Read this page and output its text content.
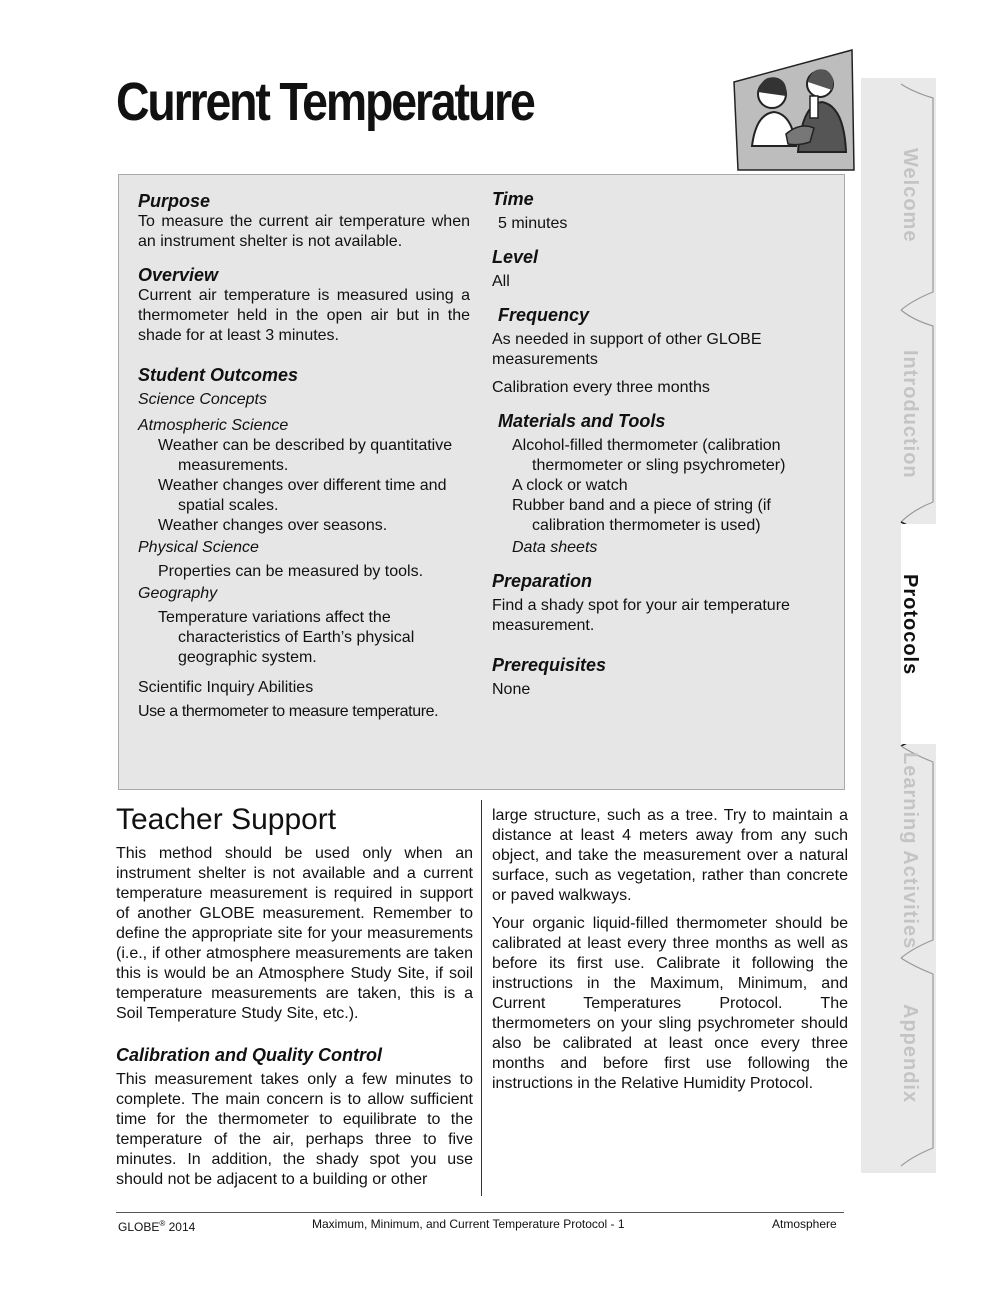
Current Temperature
Purpose
To measure the current air temperature when an instrument shelter is not available.
Overview
Current air temperature is measured using a thermometer held in the open air but in the shade for at least 3 minutes.
Student Outcomes
Science Concepts
Atmospheric Science
Weather can be described by quantitative measurements.
Weather changes over different time and spatial scales.
Weather changes over seasons.
Physical Science
Properties can be measured by tools.
Geography
Temperature variations affect the characteristics of Earth’s physical geographic system.
Scientific Inquiry Abilities
Use a thermometer to measure temperature.
Time
5 minutes
Level
All
Frequency
As needed in support of other GLOBE measurements
Calibration every three months
Materials and Tools
Alcohol-filled thermometer (calibration thermometer or sling psychrometer)
A clock or watch
Rubber band and a piece of string (if calibration thermometer is used)
Data sheets
Preparation
Find a shady spot for your air temperature measurement.
Prerequisites
None
Teacher Support
This method should be used only when an instrument shelter is not available and a current temperature measurement is required in support of another GLOBE measurement. Remember to define the appropriate site for your measurements (i.e., if other atmosphere measurements are taken this is would be an Atmosphere Study Site, if soil temperature measurements are taken, this is a Soil Temperature Study Site, etc.).
Calibration and Quality Control
This measurement takes only a few minutes to complete. The main concern is to allow sufficient time for the thermometer to equilibrate to the temperature of the air, perhaps three to five minutes. In addition, the shady spot you use should not be adjacent to a building or other
large structure, such as a tree. Try to maintain a distance at least 4 meters away from any such object, and take the measurement over a natural surface, such as vegetation, rather than concrete or paved walkways.
Your organic liquid-filled thermometer should be calibrated at least every three months as well as before its first use. Calibrate it following the instructions in the Maximum, Minimum, and Current Temperatures Protocol. The thermometers on your sling psychrometer should also be calibrated at least once every three months and before first use following the instructions in the Relative Humidity Protocol.
GLOBE® 2014	Maximum, Minimum, and Current Temperature Protocol - 1	Atmosphere
Welcome
Introduction
Protocols
Learning Activities
Appendix
